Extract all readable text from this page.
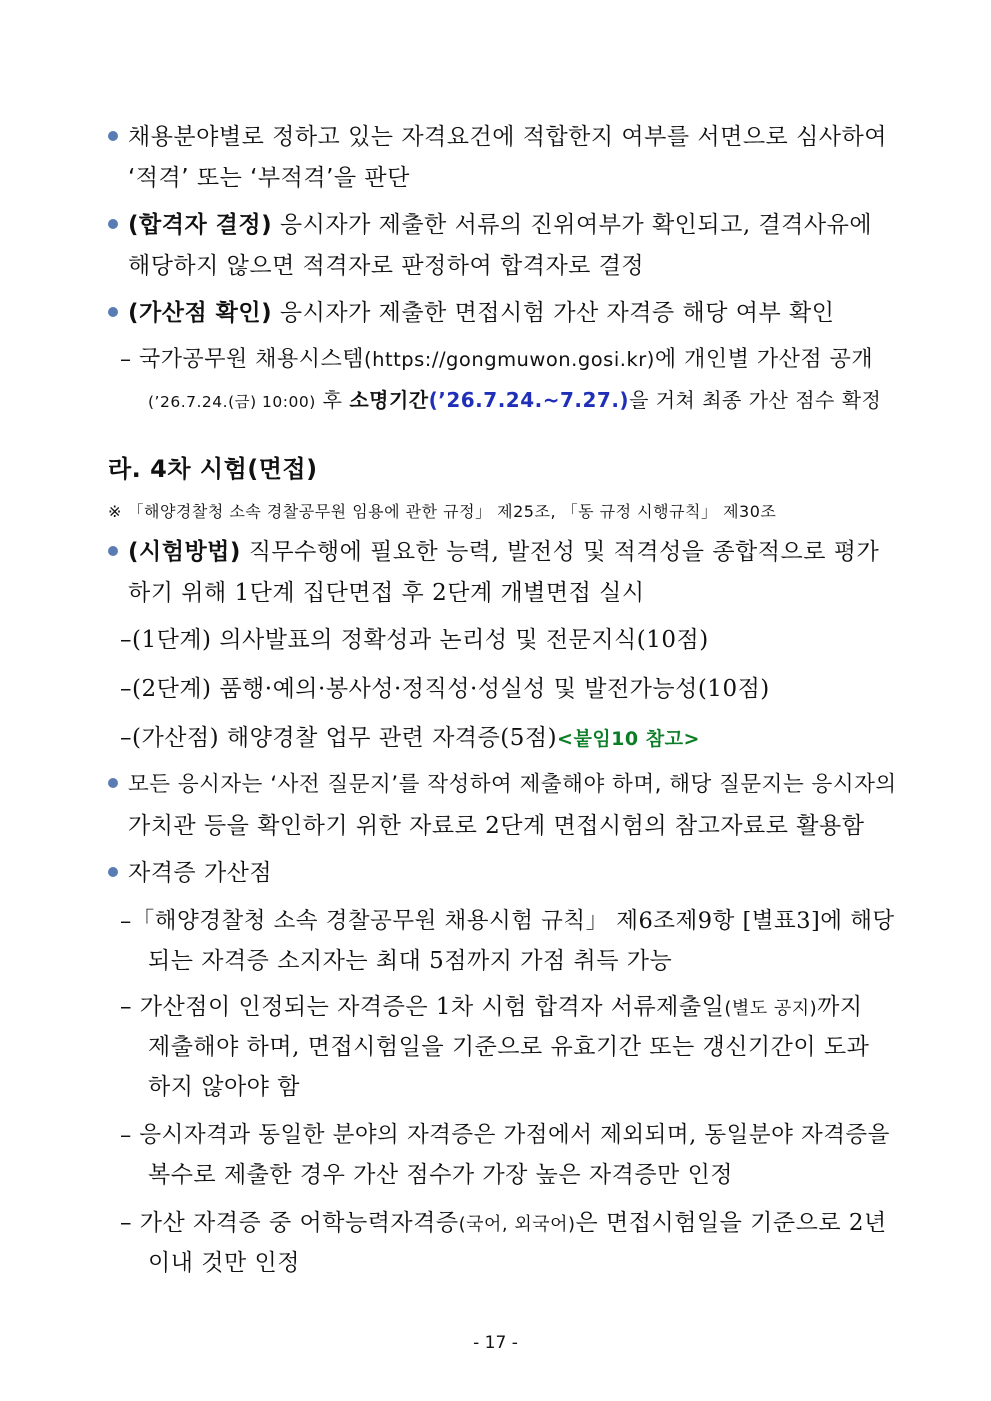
채용분야별로 정하고 있는 자격요건에 적합한지 여부를 서면으로 심사하여
‘적격’ 또는 ‘부적격’을 판단
(합격자 결정) 응시자가 제출한 서류의 진위여부가 확인되고, 결격사유에
해당하지 않으면 적격자로 판정하여 합격자로 결정
(가산점 확인) 응시자가 제출한 면접시험 가산 자격증 해당 여부 확인
– 국가공무원 채용시스템(https://gongmuwon.gosi.kr)에 개인별 가산점 공개
(’26.7.24.(금) 10:00) 후 소명기간(’26.7.24.~7.27.)을 거쳐 최종 가산 점수 확정
라. 4차 시험(면접)
※ 「해양경찰청 소속 경찰공무원 임용에 관한 규정」 제25조, 「동 규정 시행규칙」 제30조
(시험방법) 직무수행에 필요한 능력, 발전성 및 적격성을 종합적으로 평가
하기 위해 1단계 집단면접 후 2단계 개별면접 실시
–(1단계) 의사발표의 정확성과 논리성 및 전문지식(10점)
–(2단계) 품행·예의·봉사성·정직성·성실성 및 발전가능성(10점)
–(가산점) 해양경찰 업무 관련 자격증(5점)<붙임10 참고>
모든 응시자는 ‘사전 질문지’를 작성하여 제출해야 하며, 해당 질문지는 응시자의
가치관 등을 확인하기 위한 자료로 2단계 면접시험의 참고자료로 활용함
자격증 가산점
–「해양경찰청 소속 경찰공무원 채용시험 규칙」 제6조제9항 [별표3]에 해당
되는 자격증 소지자는 최대 5점까지 가점 취득 가능
– 가산점이 인정되는 자격증은 1차 시험 합격자 서류제출일(별도 공지)까지
제출해야 하며, 면접시험일을 기준으로 유효기간 또는 갱신기간이 도과
하지 않아야 함
– 응시자격과 동일한 분야의 자격증은 가점에서 제외되며, 동일분야 자격증을
복수로 제출한 경우 가산 점수가 가장 높은 자격증만 인정
– 가산 자격증 중 어학능력자격증(국어, 외국어)은 면접시험일을 기준으로 2년
이내 것만 인정
- 17 -
